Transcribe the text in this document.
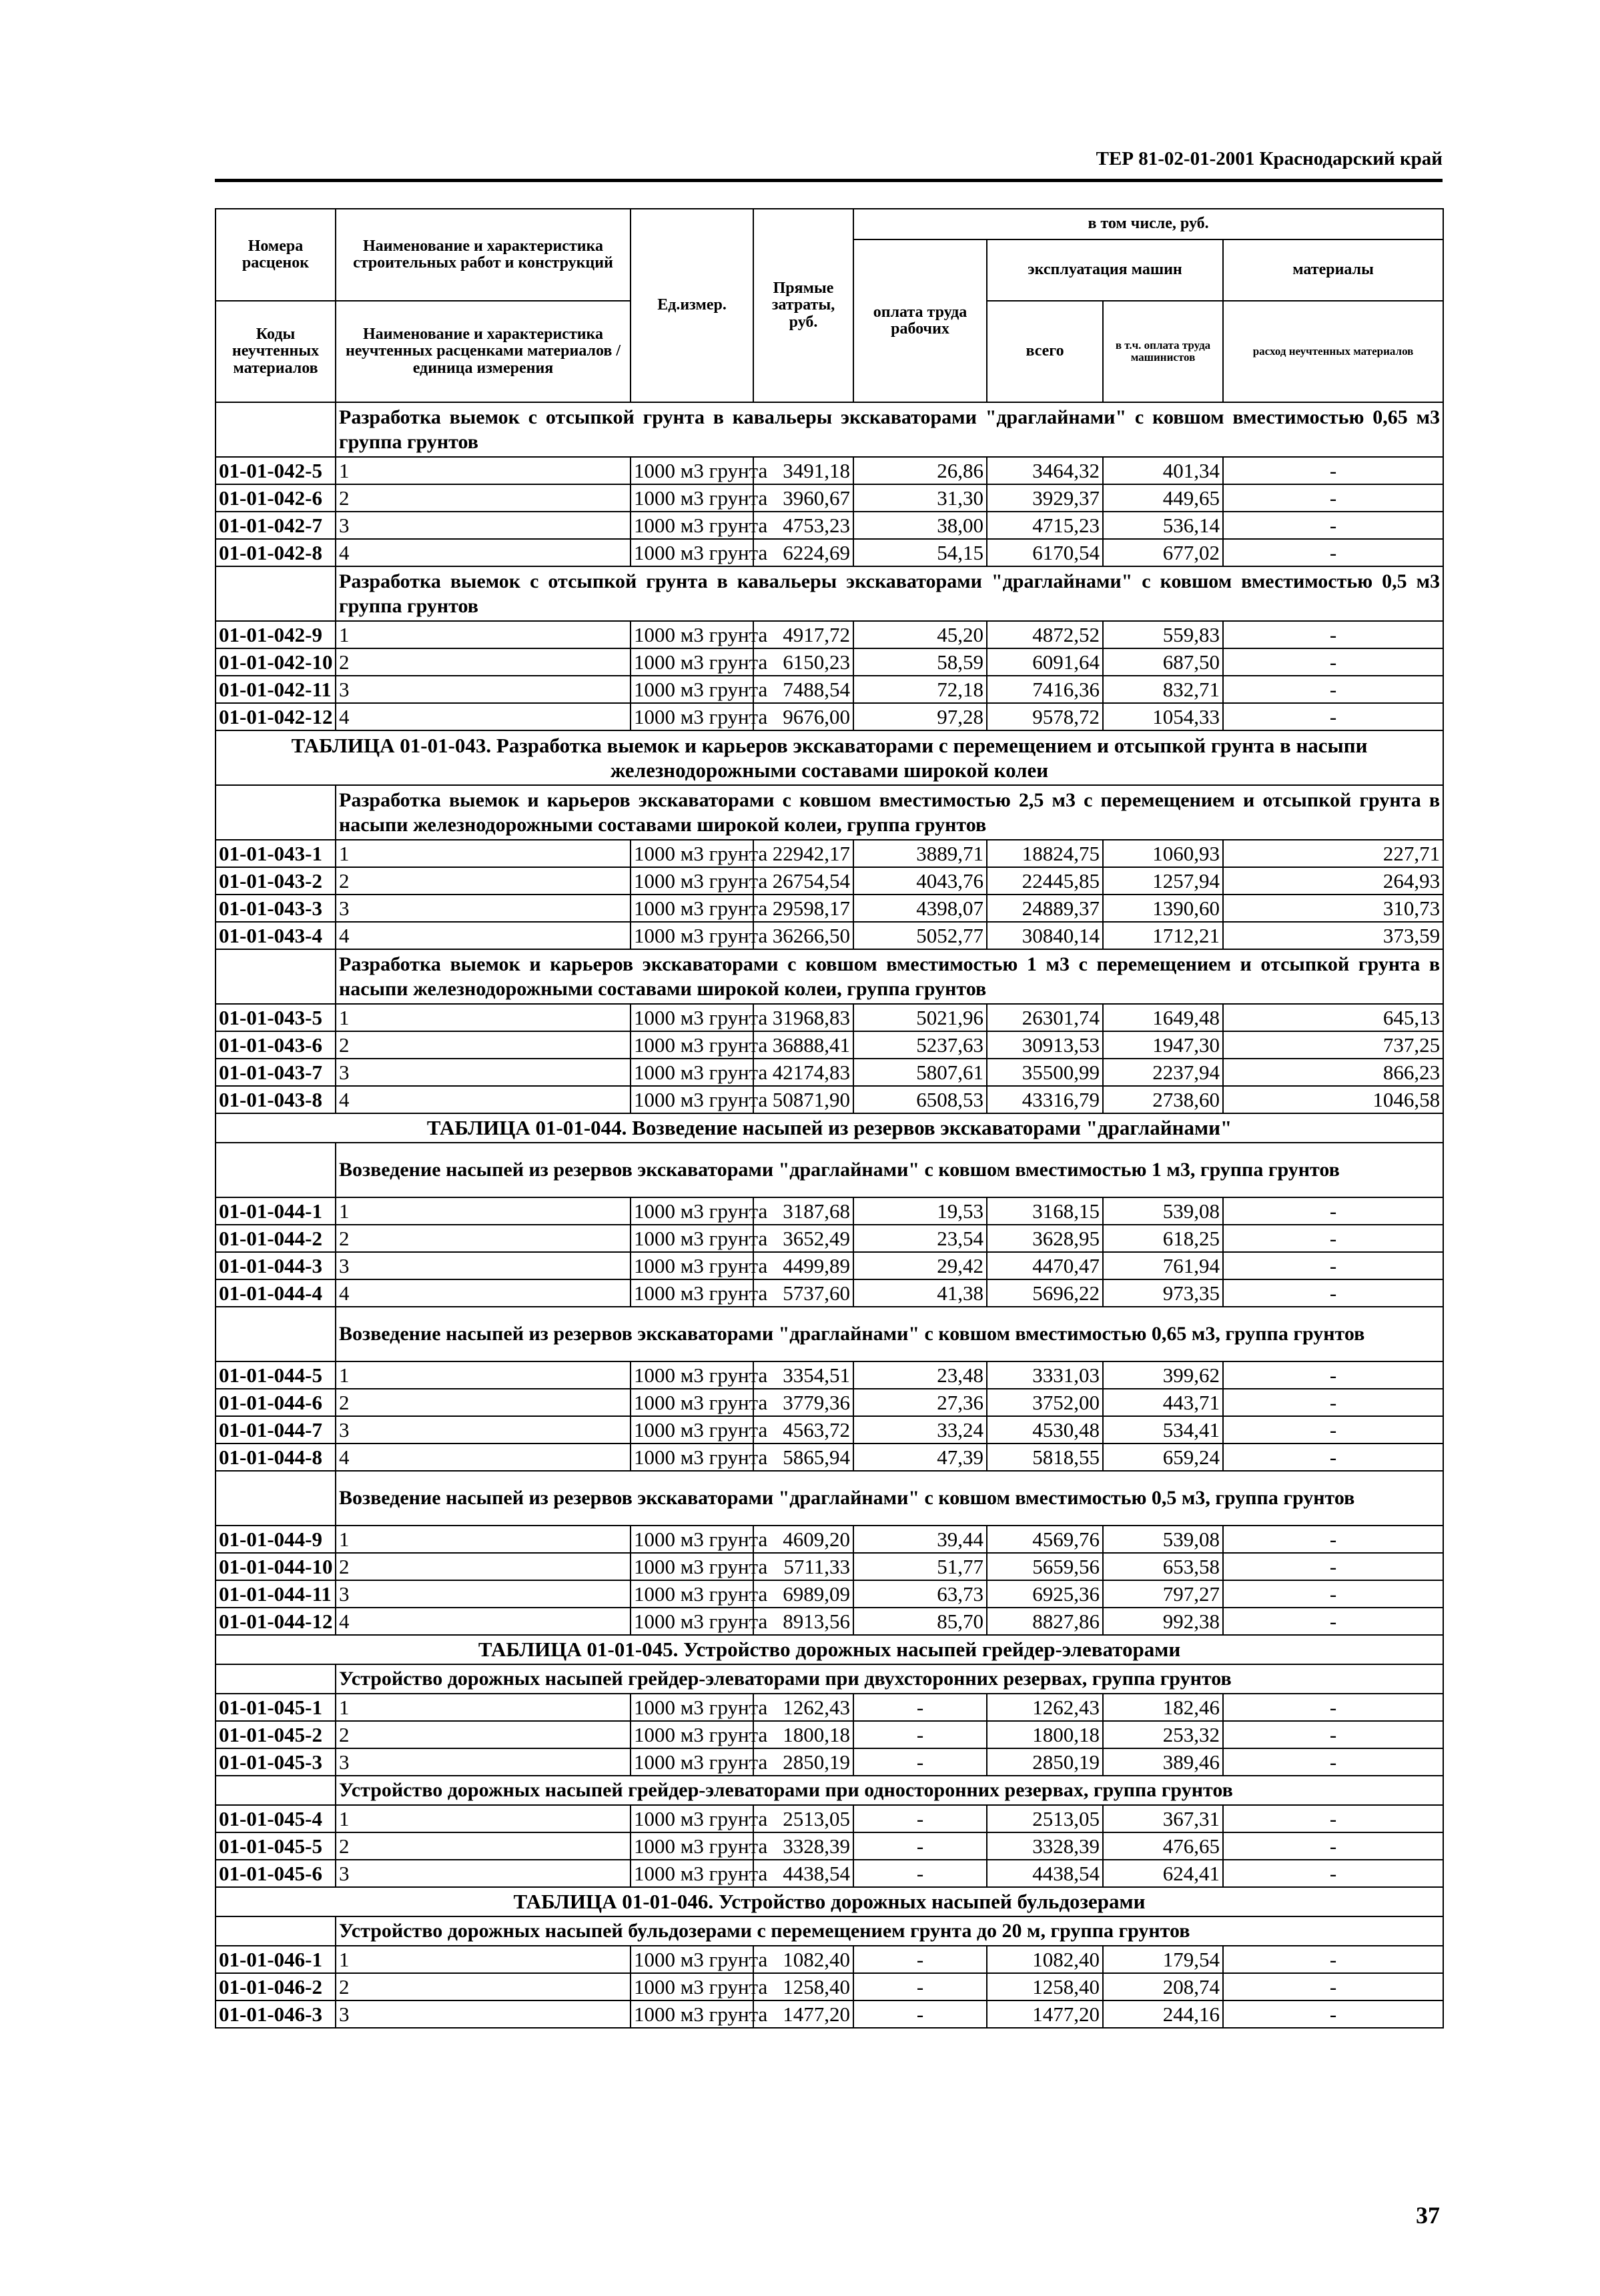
ТЕР 81-02-01-2001 Краснодарский край
Номера расценок	Наименование и характеристика строительных работ и конструкций	Ед.измер.	Прямые затраты, руб.	в том числе, руб.	
				оплата труда рабочих	эксплуатация машин		материалы	
Коды неучтенных материалов	Наименование и характеристика неучтенных расценками материалов / единица измерения				всего	в т.ч. оплата труда машинистов	расход неучтенных материалов	
	Разработка выемок с отсыпкой грунта в кавальеры экскаваторами "драглайнами" с ковшом вместимостью 0,65 м3 группа грунтов							
01-01-042-5	1	1000 м3 грунта	3491,18	26,86	3464,32	401,34	-	
01-01-042-6	2	1000 м3 грунта	3960,67	31,30	3929,37	449,65	-	
01-01-042-7	3	1000 м3 грунта	4753,23	38,00	4715,23	536,14	-	
01-01-042-8	4	1000 м3 грунта	6224,69	54,15	6170,54	677,02	-	
	Разработка выемок с отсыпкой грунта в кавальеры экскаваторами "драглайнами" с ковшом вместимостью 0,5 м3 группа грунтов							
01-01-042-9	1	1000 м3 грунта	4917,72	45,20	4872,52	559,83	-	
01-01-042-10	2	1000 м3 грунта	6150,23	58,59	6091,64	687,50	-	
01-01-042-11	3	1000 м3 грунта	7488,54	72,18	7416,36	832,71	-	
01-01-042-12	4	1000 м3 грунта	9676,00	97,28	9578,72	1054,33	-	
ТАБЛИЦА 01-01-043. Разработка выемок и карьеров экскаваторами с перемещением и отсыпкой грунта в насыпи железнодорожными составами широкой колеи								
	Разработка выемок и карьеров экскаваторами с ковшом вместимостью 2,5 м3 с перемещением и отсыпкой грунта в насыпи железнодорожными составами широкой колеи, группа грунтов							
01-01-043-1	1	1000 м3 грунта	22942,17	3889,71	18824,75	1060,93	227,71	
01-01-043-2	2	1000 м3 грунта	26754,54	4043,76	22445,85	1257,94	264,93	
01-01-043-3	3	1000 м3 грунта	29598,17	4398,07	24889,37	1390,60	310,73	
01-01-043-4	4	1000 м3 грунта	36266,50	5052,77	30840,14	1712,21	373,59	
	Разработка выемок и карьеров экскаваторами с ковшом вместимостью 1 м3 с перемещением и отсыпкой грунта в насыпи железнодорожными составами широкой колеи, группа грунтов							
01-01-043-5	1	1000 м3 грунта	31968,83	5021,96	26301,74	1649,48	645,13	
01-01-043-6	2	1000 м3 грунта	36888,41	5237,63	30913,53	1947,30	737,25	
01-01-043-7	3	1000 м3 грунта	42174,83	5807,61	35500,99	2237,94	866,23	
01-01-043-8	4	1000 м3 грунта	50871,90	6508,53	43316,79	2738,60	1046,58	
ТАБЛИЦА 01-01-044. Возведение насыпей из резервов экскаваторами "драглайнами"								
	Возведение насыпей из резервов экскаваторами "драглайнами" с ковшом вместимостью 1 м3, группа грунтов							
01-01-044-1	1	1000 м3 грунта	3187,68	19,53	3168,15	539,08	-	
01-01-044-2	2	1000 м3 грунта	3652,49	23,54	3628,95	618,25	-	
01-01-044-3	3	1000 м3 грунта	4499,89	29,42	4470,47	761,94	-	
01-01-044-4	4	1000 м3 грунта	5737,60	41,38	5696,22	973,35	-	
	Возведение насыпей из резервов экскаваторами "драглайнами" с ковшом вместимостью 0,65 м3, группа грунтов							
01-01-044-5	1	1000 м3 грунта	3354,51	23,48	3331,03	399,62	-	
01-01-044-6	2	1000 м3 грунта	3779,36	27,36	3752,00	443,71	-	
01-01-044-7	3	1000 м3 грунта	4563,72	33,24	4530,48	534,41	-	
01-01-044-8	4	1000 м3 грунта	5865,94	47,39	5818,55	659,24	-	
	Возведение насыпей из резервов экскаваторами "драглайнами" с ковшом вместимостью 0,5 м3, группа грунтов							
01-01-044-9	1	1000 м3 грунта	4609,20	39,44	4569,76	539,08	-	
01-01-044-10	2	1000 м3 грунта	5711,33	51,77	5659,56	653,58	-	
01-01-044-11	3	1000 м3 грунта	6989,09	63,73	6925,36	797,27	-	
01-01-044-12	4	1000 м3 грунта	8913,56	85,70	8827,86	992,38	-	
ТАБЛИЦА 01-01-045. Устройство дорожных насыпей грейдер-элеваторами								
	Устройство дорожных насыпей грейдер-элеваторами при двухсторонних резервах, группа грунтов							
01-01-045-1	1	1000 м3 грунта	1262,43	-	1262,43	182,46	-	
01-01-045-2	2	1000 м3 грунта	1800,18	-	1800,18	253,32	-	
01-01-045-3	3	1000 м3 грунта	2850,19	-	2850,19	389,46	-	
	Устройство дорожных насыпей грейдер-элеваторами при односторонних резервах, группа грунтов							
01-01-045-4	1	1000 м3 грунта	2513,05	-	2513,05	367,31	-	
01-01-045-5	2	1000 м3 грунта	3328,39	-	3328,39	476,65	-	
01-01-045-6	3	1000 м3 грунта	4438,54	-	4438,54	624,41	-	
ТАБЛИЦА 01-01-046. Устройство дорожных насыпей бульдозерами								
	Устройство дорожных насыпей бульдозерами с перемещением грунта до 20 м, группа грунтов							
01-01-046-1	1	1000 м3 грунта	1082,40	-	1082,40	179,54	-	
01-01-046-2	2	1000 м3 грунта	1258,40	-	1258,40	208,74	-	
01-01-046-3	3	1000 м3 грунта	1477,20	-	1477,20	244,16	-	
37
